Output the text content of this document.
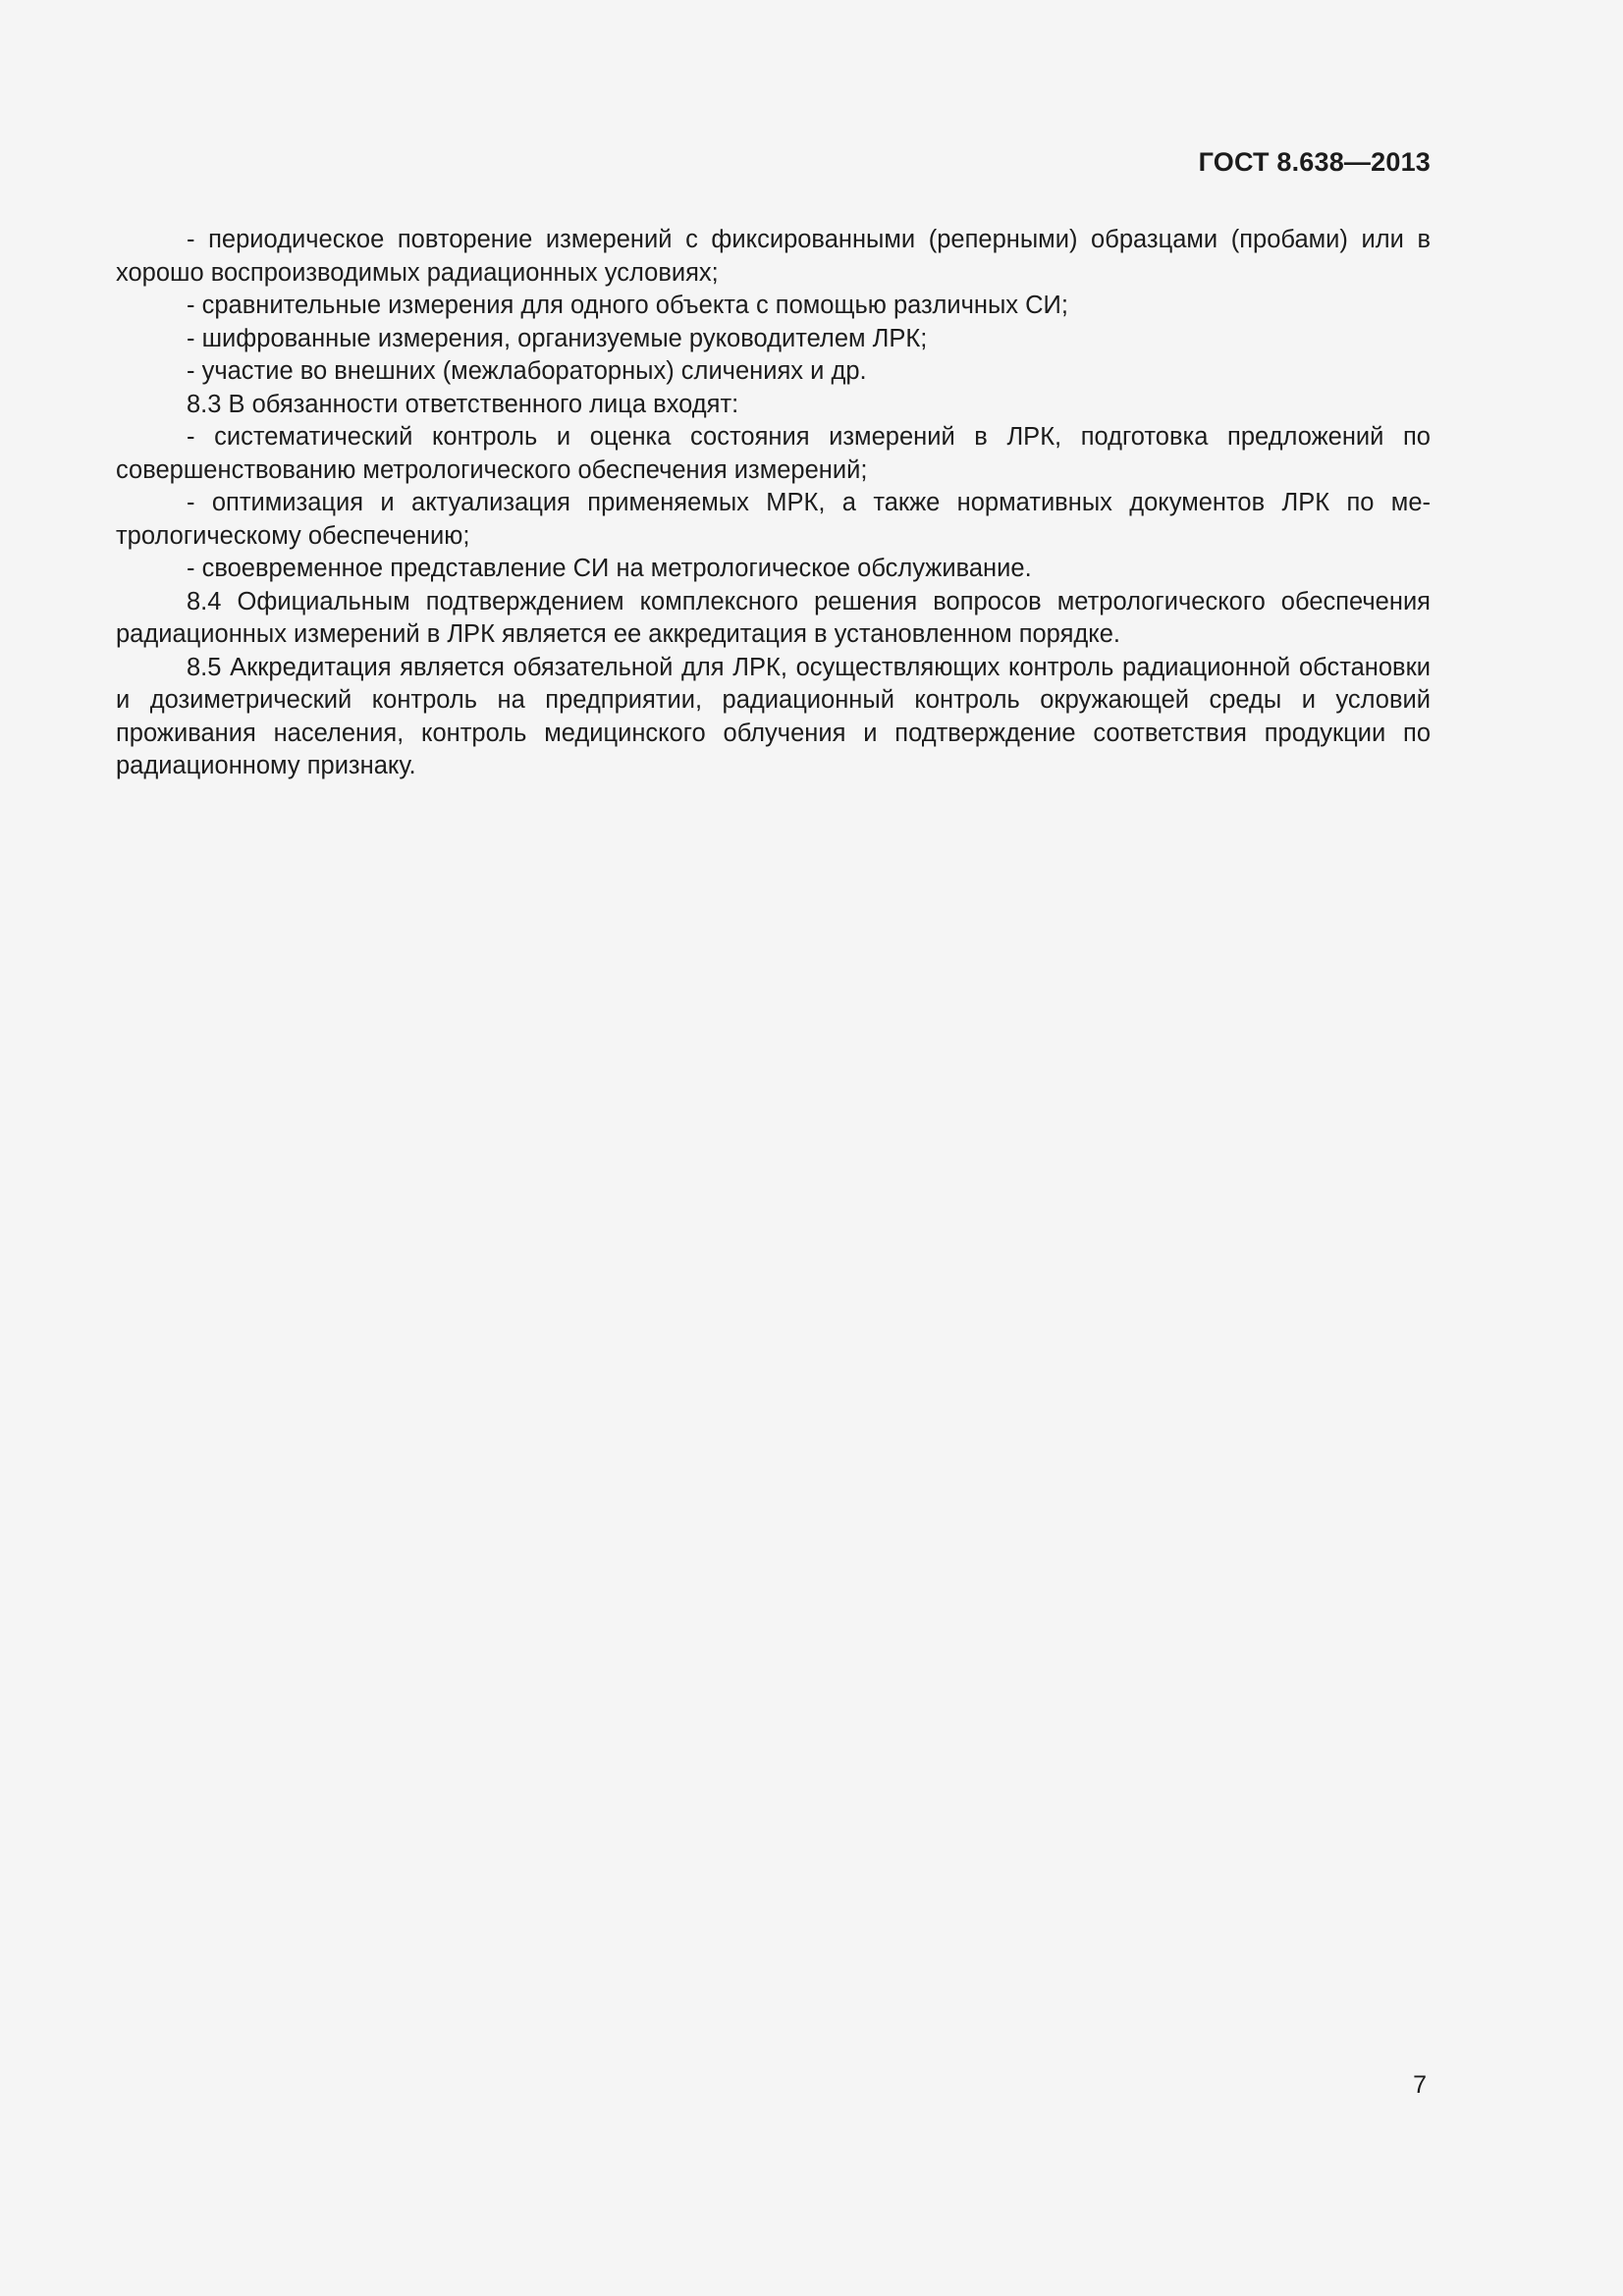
ГОСТ 8.638—2013

- периодическое повторение измерений с фиксированными (реперными) образцами (пробами) или в хорошо воспроизводимых радиационных условиях;

- сравнительные измерения для одного объекта с помощью различных СИ;

- шифрованные измерения, организуемые руководителем ЛРК;

- участие во внешних (межлабораторных) сличениях и др.

8.3 В обязанности ответственного лица входят:

- систематический контроль и оценка состояния измерений в ЛРК, подготовка предложений по совершенствованию метрологического обеспечения измерений;

- оптимизация и актуализация применяемых МРК, а также нормативных документов ЛРК по метрологическому обеспечению;

- своевременное представление СИ на метрологическое обслуживание.

8.4 Официальным подтверждением комплексного решения вопросов метрологического обеспечения радиационных измерений в ЛРК является ее аккредитация в установленном порядке.

8.5 Аккредитация является обязательной для ЛРК, осуществляющих контроль радиационной обстановки и дозиметрический контроль на предприятии, радиационный контроль окружающей среды и условий проживания населения, контроль медицинского облучения и подтверждение соответствия продукции по радиационному признаку.

7
